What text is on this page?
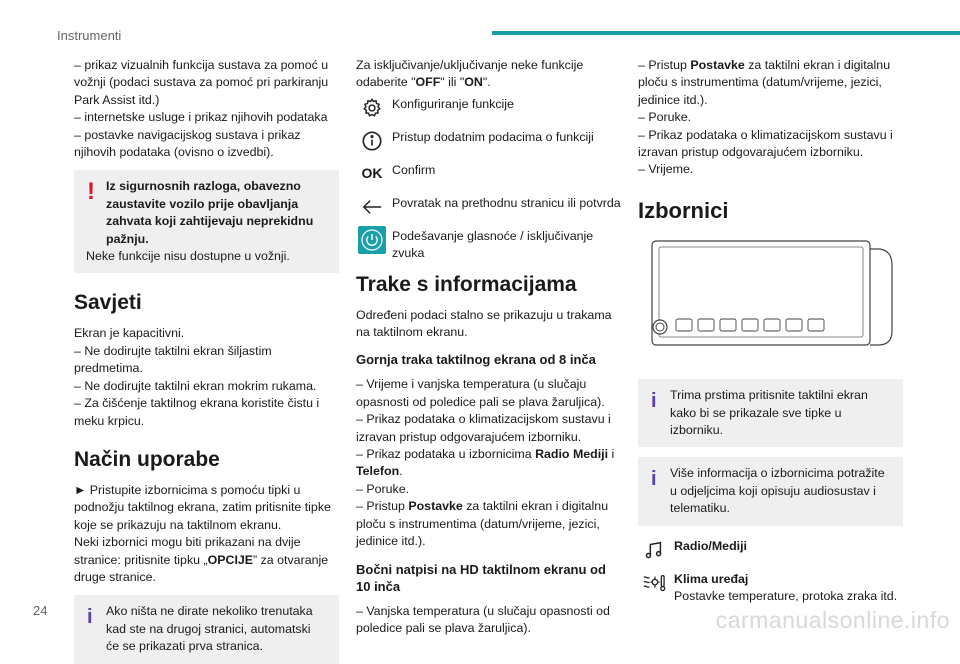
Instrumenti

– prikaz vizualnih funkcija sustava za pomoć u vožnji (podaci sustava za pomoć pri parkiranju Park Assist itd.)

– internetske usluge i prikaz njihovih podataka

– postavke navigacijskog sustava i prikaz njihovih podataka (ovisno o izvedbi).

! Iz sigurnosnih razloga, obavezno zaustavite vozilo prije obavljanja zahvata koji zahtijevaju neprekidnu pažnju.
Neke funkcije nisu dostupne u vožnji.
Savjeti

Ekran je kapacitivni.

– Ne dodirujte taktilni ekran šiljastim predmetima.

– Ne dodirujte taktilni ekran mokrim rukama.

– Za čišćenje taktilnog ekrana koristite čistu i meku krpicu.

Način uporabe

► Pristupite izbornicima s pomoću tipki u podnožju taktilnog ekrana, zatim pritisnite tipke koje se prikazuju na taktilnom ekranu.

Neki izbornici mogu biti prikazani na dvije stranice: pritisnite tipku „OPCIJE” za otvaranje druge stranice.

i Ako ništa ne dirate nekoliko trenutaka kad ste na drugoj stranici, automatski će se prikazati prva stranica.

Za isključivanje/uključivanje neke funkcije odaberite "OFF" ili "ON".

Konfiguriranje funkcije
Pristup dodatnim podacima o funkciji
OK Confirm
Povratak na prethodnu stranicu ili potvrda
Podešavanje glasnoće / isključivanje zvuka
Trake s informacijama

Određeni podaci stalno se prikazuju u trakama na taktilnom ekranu.

Gornja traka taktilnog ekrana od 8 inča

– Vrijeme i vanjska temperatura (u slučaju opasnosti od poledice pali se plava žaruljica).

– Prikaz podataka o klimatizacijskom sustavu i izravan pristup odgovarajućem izborniku.

– Prikaz podataka u izbornicima Radio Mediji i Telefon.

– Poruke.

– Pristup Postavke za taktilni ekran i digitalnu ploču s instrumentima (datum/vrijeme, jezici, jedinice itd.).

Bočni natpisi na HD taktilnom ekranu od 10 inča

– Vanjska temperatura (u slučaju opasnosti od poledice pali se plava žaruljica).

– Pristup Postavke za taktilni ekran i digitalnu ploču s instrumentima (datum/vrijeme, jezici, jedinice itd.).

– Poruke.

– Prikaz podataka o klimatizacijskom sustavu i izravan pristup odgovarajućem izborniku.

– Vrijeme.

Izbornici
i Trima prstima pritisnite taktilni ekran kako bi se prikazale sve tipke u izborniku.
i Više informacija o izbornicima potražite u odjeljcima koji opisuju audiosustav i telematiku.
Radio/Mediji
Klima uređaj
Postavke temperature, protoka zraka itd.
24	carmanualsonline.info
